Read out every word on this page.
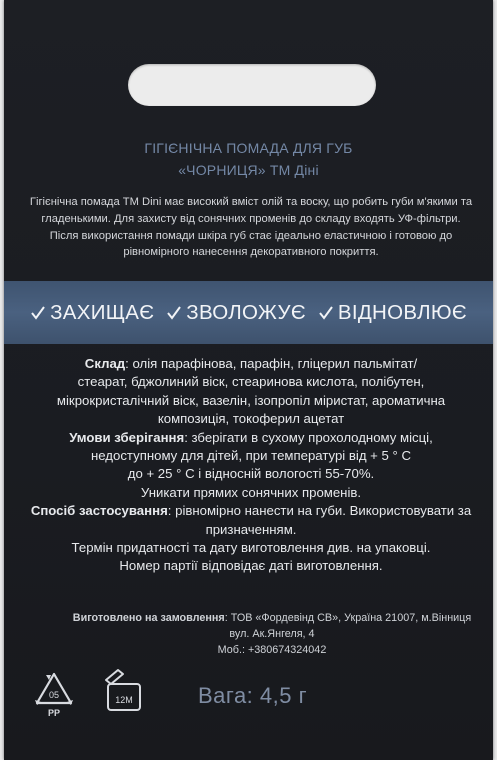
ГІГІЄНІЧНА ПОМАДА ДЛЯ ГУБ
«ЧОРНИЦЯ» ТМ Діні
Гігієнічна помада ТМ Dini має високий вміст олій та воску, що робить губи м'якими та
гладенькими. Для захисту від сонячних променів до складу входять УФ-фільтри.
Після використання помади шкіра губ стає ідеально еластичною і готовою до
рівномірного нанесення декоративного покриття.
ЗАХИЩАЄ ЗВОЛОЖУЄ ВІДНОВЛЮЄ
Склад: олія парафінова, парафін, гліцерил пальмітат/
стеарат, бджолиний віск, стеаринова кислота, полібутен,
мікрокристалічний віск, вазелін, ізопропіл міристат, ароматична
композиція, токоферил ацетат
Умови зберігання: зберігати в сухому прохолодному місці,
недоступному для дітей, при температурі від + 5 ° С
до + 25 ° С і відносній вологості 55-70%.
Уникати прямих сонячних променів.
Спосіб застосування: рівномірно нанести на губи. Використовувати за
призначенням.
Термін придатності та дату виготовлення див. на упаковці.
Номер партії відповідає даті виготовлення.
Виготовлено на замовлення: ТОВ «Фордевінд СВ», Україна 21007, м.Вінниця
вул. Ак.Янгеля, 4
Моб.: +380674324042
05
PP
12M	Вага: 4,5 г
